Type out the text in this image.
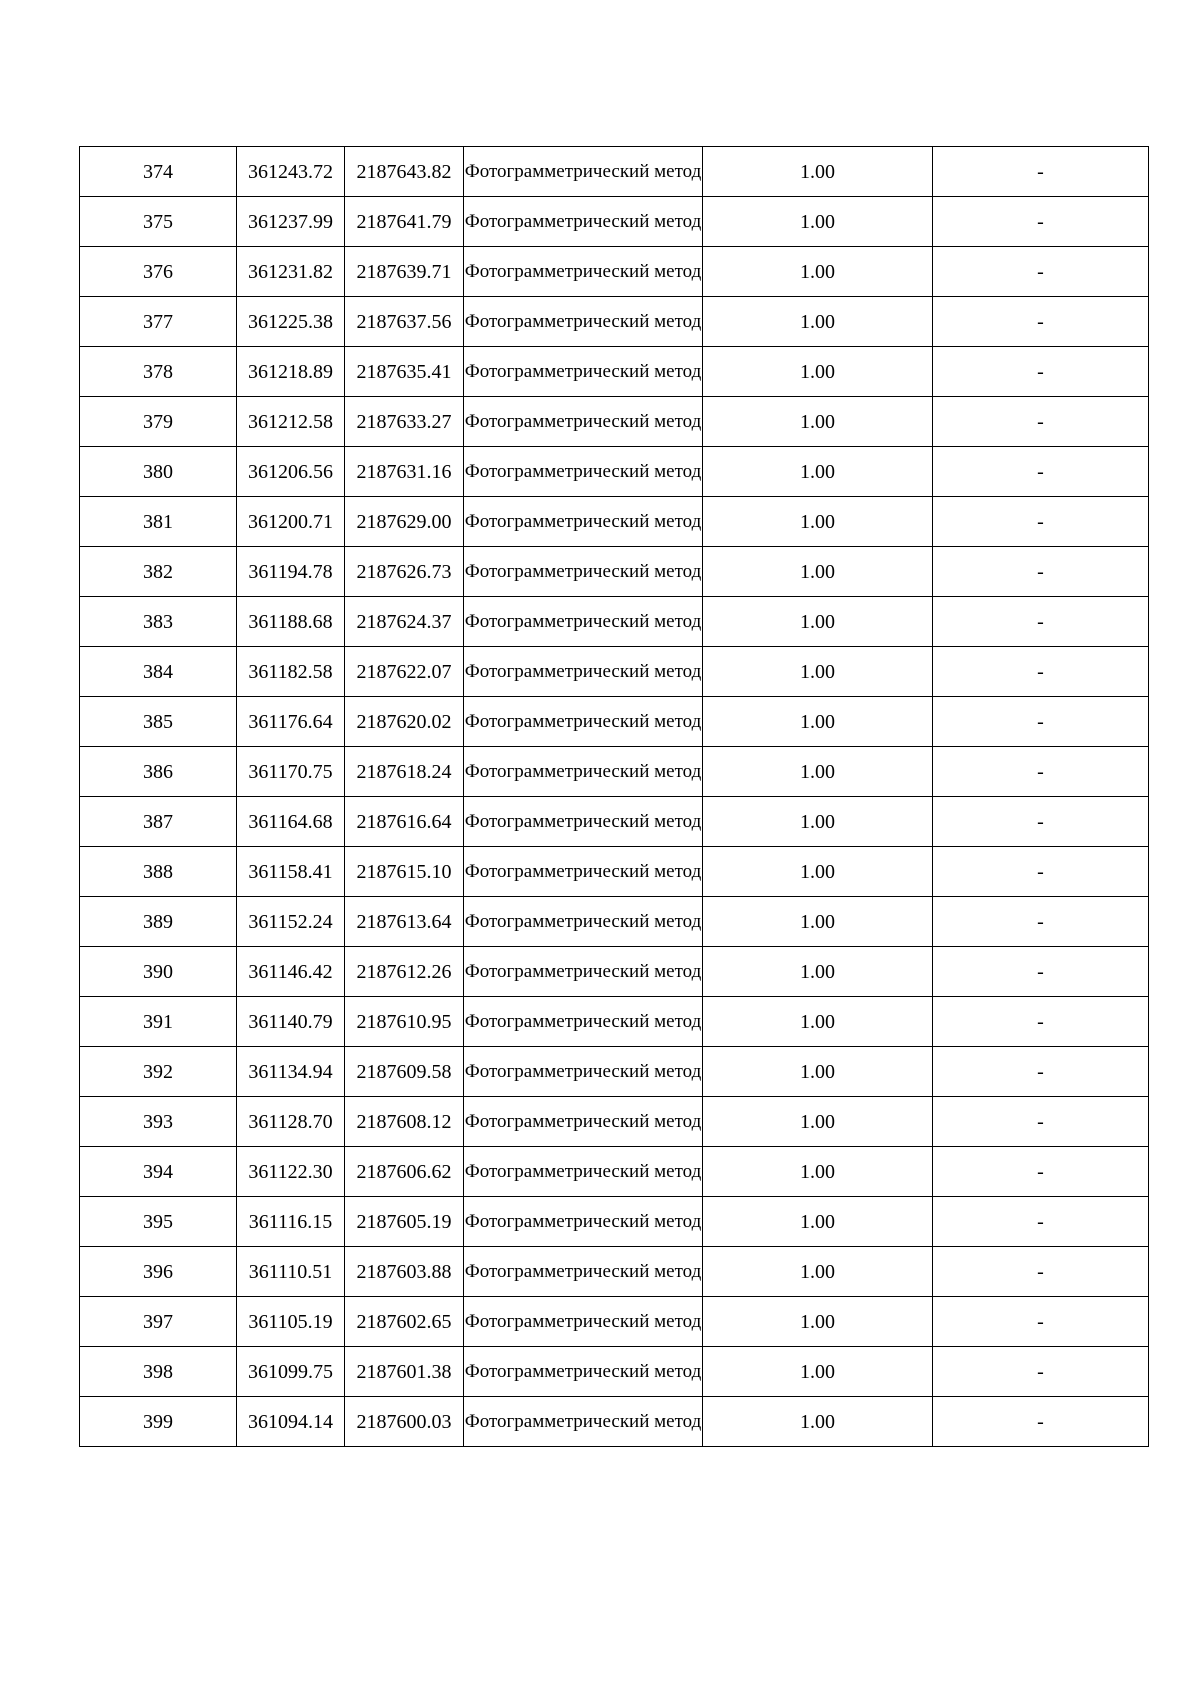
374	361243.72	2187643.82	Фотограмметрический метод	1.00	-
375	361237.99	2187641.79	Фотограмметрический метод	1.00	-
376	361231.82	2187639.71	Фотограмметрический метод	1.00	-
377	361225.38	2187637.56	Фотограмметрический метод	1.00	-
378	361218.89	2187635.41	Фотограмметрический метод	1.00	-
379	361212.58	2187633.27	Фотограмметрический метод	1.00	-
380	361206.56	2187631.16	Фотограмметрический метод	1.00	-
381	361200.71	2187629.00	Фотограмметрический метод	1.00	-
382	361194.78	2187626.73	Фотограмметрический метод	1.00	-
383	361188.68	2187624.37	Фотограмметрический метод	1.00	-
384	361182.58	2187622.07	Фотограмметрический метод	1.00	-
385	361176.64	2187620.02	Фотограмметрический метод	1.00	-
386	361170.75	2187618.24	Фотограмметрический метод	1.00	-
387	361164.68	2187616.64	Фотограмметрический метод	1.00	-
388	361158.41	2187615.10	Фотограмметрический метод	1.00	-
389	361152.24	2187613.64	Фотограмметрический метод	1.00	-
390	361146.42	2187612.26	Фотограмметрический метод	1.00	-
391	361140.79	2187610.95	Фотограмметрический метод	1.00	-
392	361134.94	2187609.58	Фотограмметрический метод	1.00	-
393	361128.70	2187608.12	Фотограмметрический метод	1.00	-
394	361122.30	2187606.62	Фотограмметрический метод	1.00	-
395	361116.15	2187605.19	Фотограмметрический метод	1.00	-
396	361110.51	2187603.88	Фотограмметрический метод	1.00	-
397	361105.19	2187602.65	Фотограмметрический метод	1.00	-
398	361099.75	2187601.38	Фотограмметрический метод	1.00	-
399	361094.14	2187600.03	Фотограмметрический метод	1.00	-
